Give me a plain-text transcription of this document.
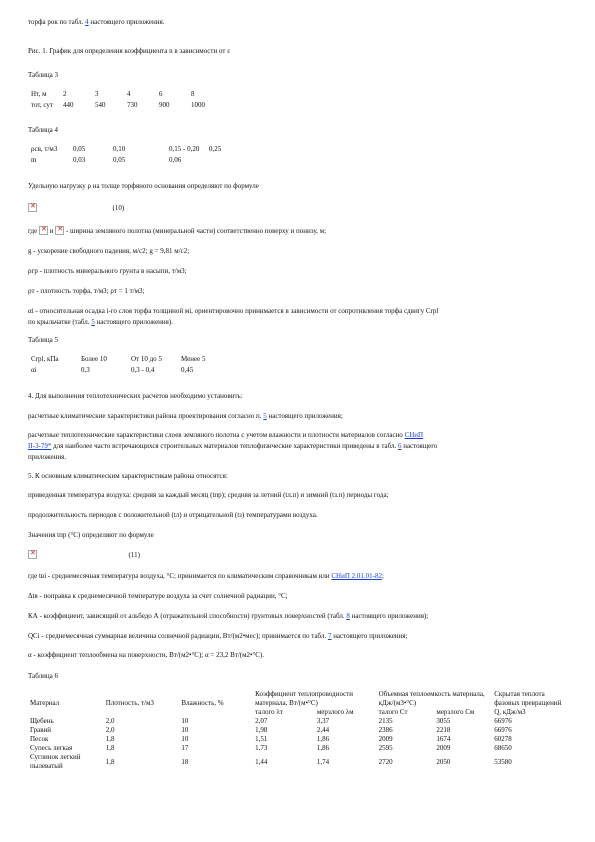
торфа рок по табл. 4 настоящего приложения.
Рис. 1. График для определения коэффициента n в зависимости от ε
Таблица 3
Нт, м	2	3	4	6	8
тот, сут	440	540	730	900	1000
Таблица 4
ρсв, т/м3	0,05	0,10	0,15 - 0,20	0,25
m	0,03	0,05	0,06	
Удельную нагрузку ρ на толще торфяного основания определяют по формуле
✕  (10)
где ✕ и ✕ - ширина земляного полотна (минеральной части) соответственно поверху и понизу, м;
g - ускорение свободного падения, м/с2; g = 9,81 м/с2;
ρгр - плотность минерального грунта в насыпи, т/м3;
ρт - плотность торфа, т/м3; ρт = 1 т/м3;
αi - относительная осадка i-го слоя торфа толщиной мi, ориентировочно принимается в зависимости от сопротивления торфа сдвигу Сrpl
по крыльчатке (табл. 5 настоящего приложения).
Таблица 5
Сrpl, кПа	Более 10	От 10 до 5	Менее 5
αi	0,3	0,3 - 0,4	0,45
4. Для выполнения теплотехнических расчетов необходимо установить:
расчетные климатические характеристики района проектирования согласно п. 5 настоящего приложения;
расчетные теплотехнические характеристики слоев земляного полотна с учетом влажности и плотности материалов согласно СНиП
II-3-79* для наиболее часто встречающихся строительных материалов теплофизические характеристики приведены в табл. 6 настоящего
приложения.
5. К основным климатическим характеристикам района относятся:
приведенная температура воздуха: средняя за каждый месяц (tпр); средняя за летний (tл.п) и зимний (tз.п) периоды года;
продолжительность периодов с положительной (tл) и отрицательной (tз) температурами воздуха.
Значения tпр (°С) определяют по формуле
✕  (11)
где tвi - среднемесячная температура воздуха, °С; принимается по климатическим справочникам или СНиП 2.01.01-82;
Δtя - поправка к среднемесячной температуре воздуха за счет солнечной радиации, °С;
КА - коэффициент, зависящий от альбедо А (отражательной способности) грунтовых поверхностей (табл. 8 настоящего приложения);
QCi - среднемесячная суммарная величина солнечной радиации, Вт/(м2•мес); принимается по табл. 7 настоящего приложения;
α - коэффициент теплообмена на поверхности, Вт/(м2•°С); α = 23,2 Вт/(м2•°С).
Таблица 6
Материал	Плотность, т/м3	Влажность, %	Коэффициент теплопроводности материала, Вт/(м•°С)		Объемная теплоемкость материала, кДж/(м3•°С)		Скрытая теплота фазовых превращений Q, кДж/м3
			талого λт	мерзлого λм	талого Ст	мерзлого См	
Щебень	2,0	10	2,07	3,37	2135	3055	66976
Гравий	2,0	10	1,98	2,44	2386	2218	66976
Песок	1,8	10	1,51	1,86	2009	1674	60278
Супесь легкая	1,8	17	1,73	1,86	2595	2009	68650
Суглинок легкий пылеватый	1,8	18	1,44	1,74	2720	2050	53580
